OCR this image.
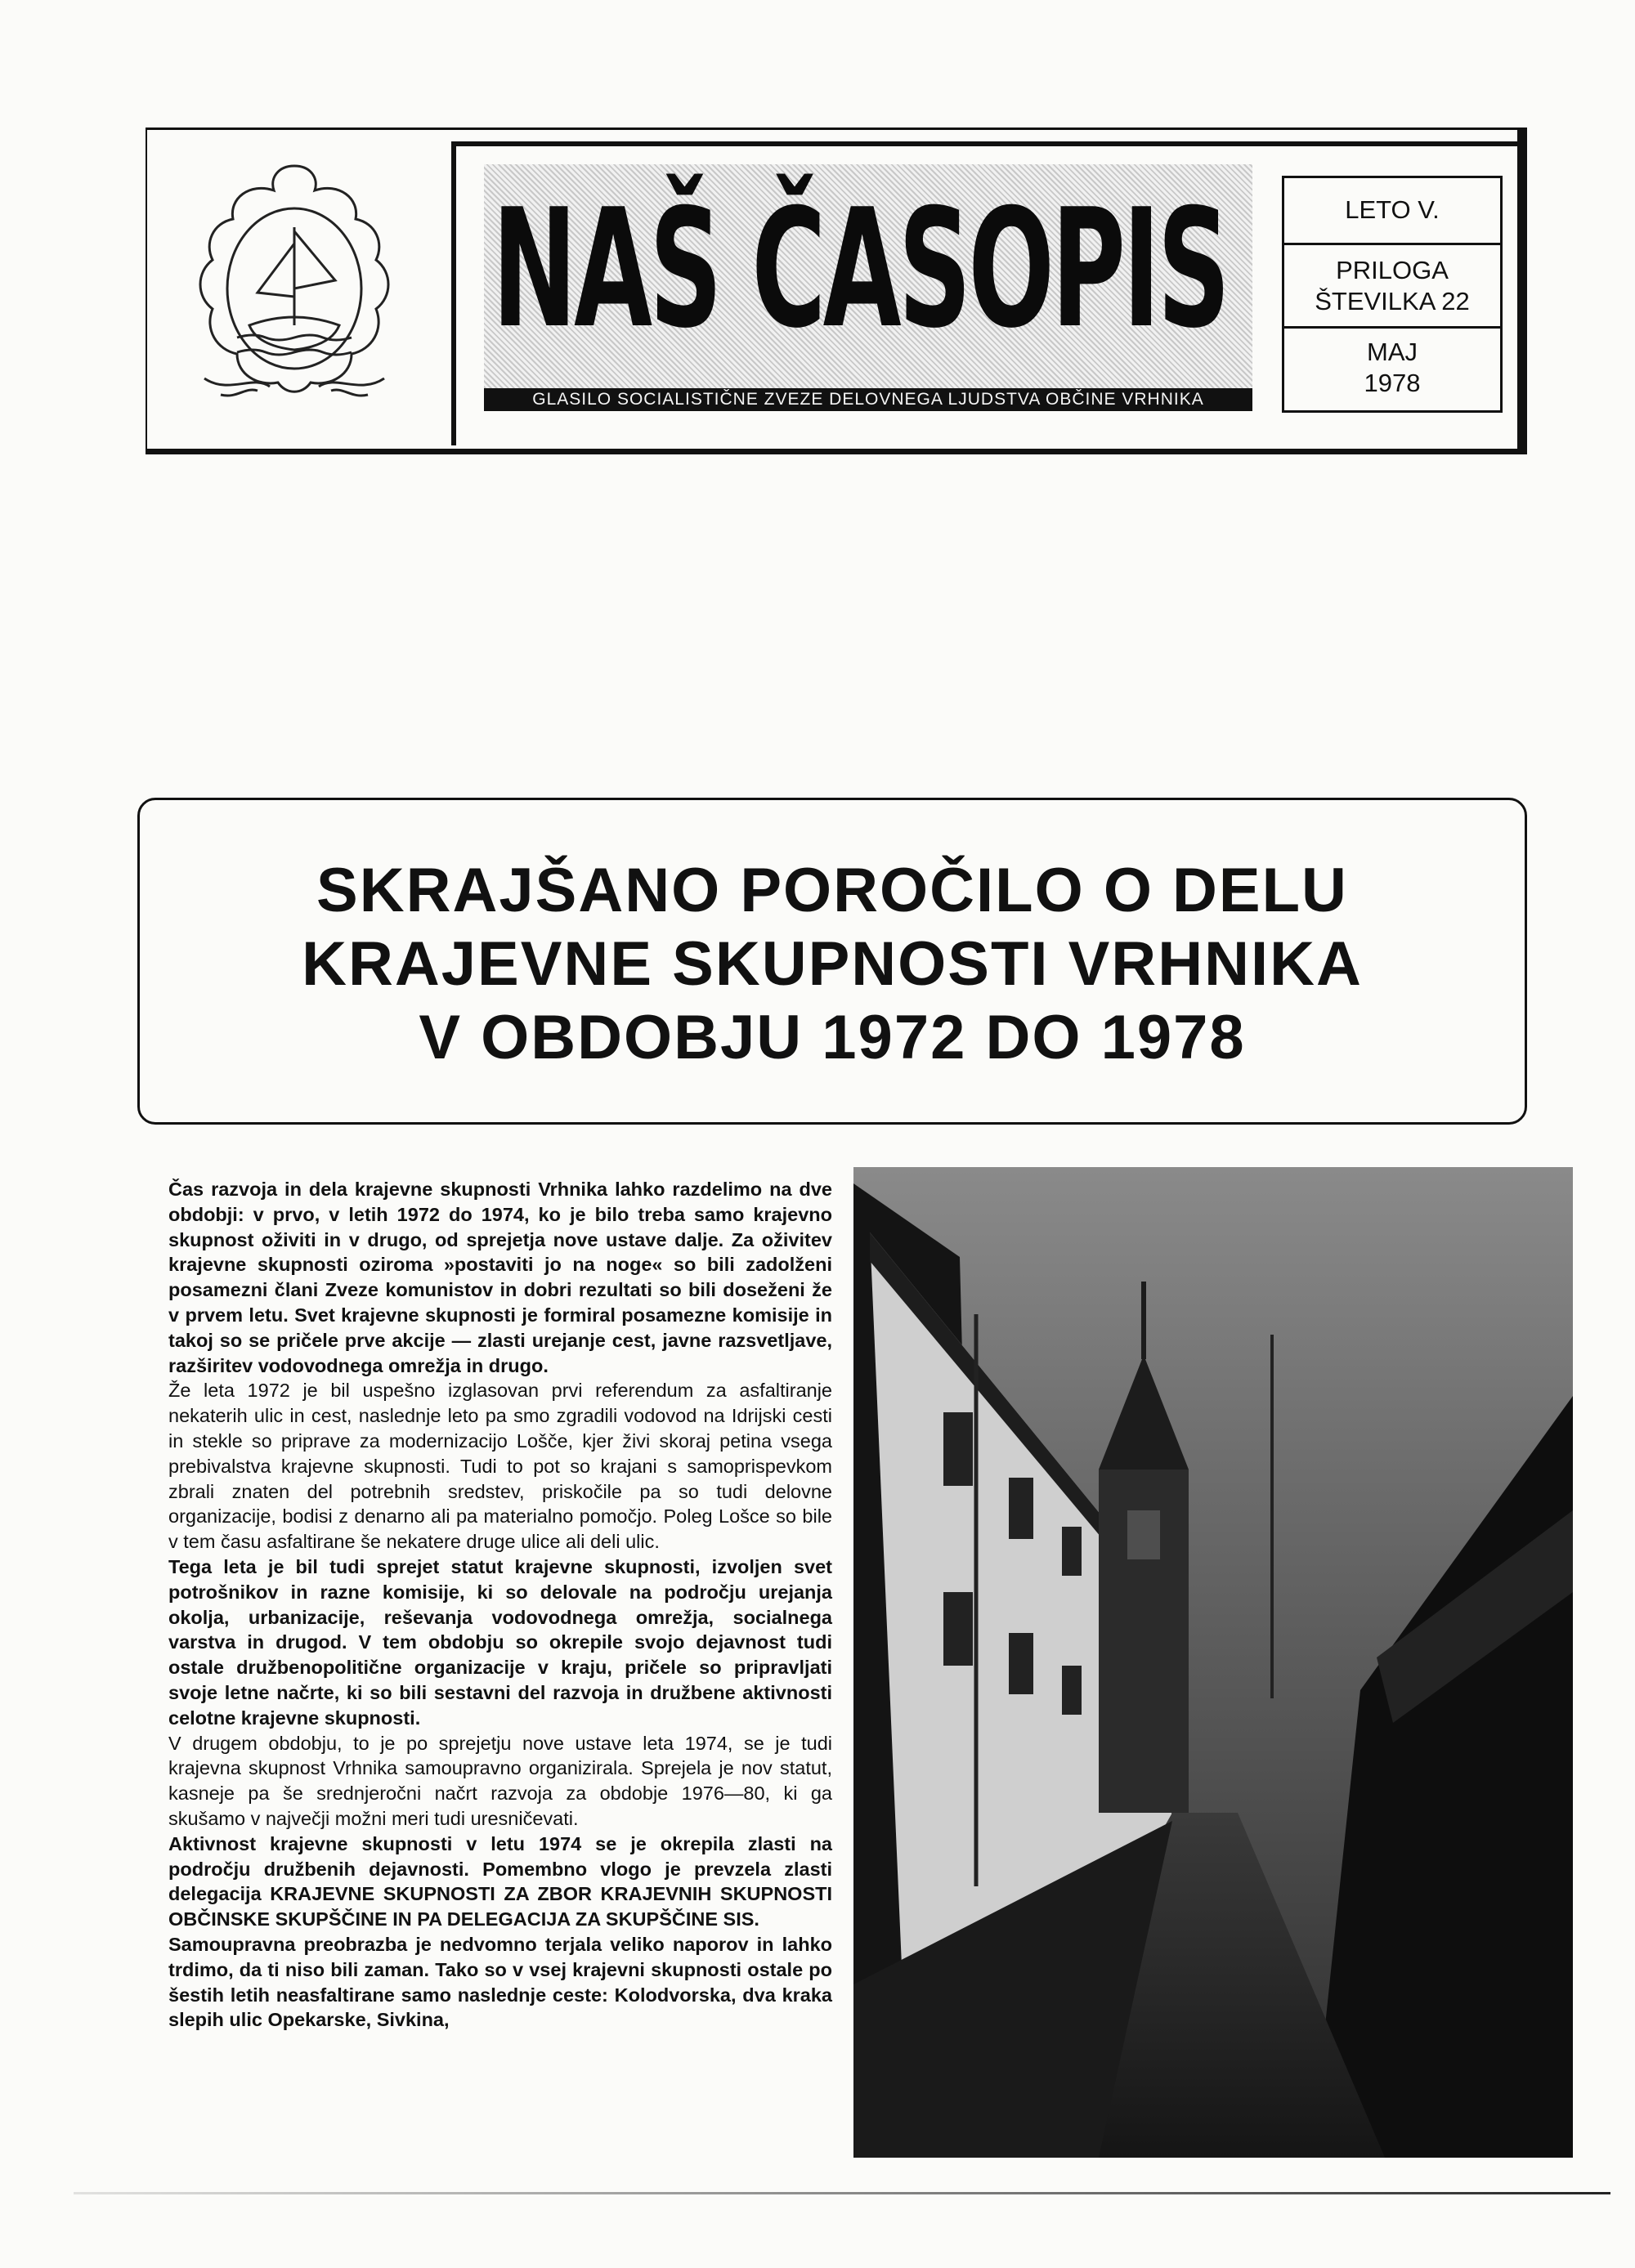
NAŠ ČASOPIS
GLASILO SOCIALISTIČNE ZVEZE DELOVNEGA LJUDSTVA OBČINE VRHNIKA
LETO V.
PRILOGA
ŠTEVILKA 22
MAJ
1978
SKRAJŠANO POROČILO O DELU
KRAJEVNE SKUPNOSTI VRHNIKA
V OBDOBJU 1972 DO 1978

Čas razvoja in dela krajevne skupnosti Vrhnika lahko razdelimo na dve obdobji: v prvo, v letih 1972 do 1974, ko je bilo treba samo krajevno skupnost oživiti in v drugo, od sprejetja nove ustave dalje. Za oživitev krajevne skupnosti oziroma »postaviti jo na noge« so bili zadolženi posamezni člani Zveze komunistov in dobri rezultati so bili doseženi že v prvem letu. Svet krajevne skupnosti je formiral posamezne komisije in takoj so se pričele prve akcije — zlasti urejanje cest, javne razsvetljave, razširitev vodovodnega omrežja in drugo.

Že leta 1972 je bil uspešno izglasovan prvi referendum za asfaltiranje nekaterih ulic in cest, naslednje leto pa smo zgradili vodovod na Idrijski cesti in stekle so priprave za modernizacijo Lošče, kjer živi skoraj petina vsega prebivalstva krajevne skupnosti. Tudi to pot so krajani s samoprispevkom zbrali znaten del potrebnih sredstev, priskočile pa so tudi delovne organizacije, bodisi z denarno ali pa materialno pomočjo. Poleg Lošce so bile v tem času asfaltirane še nekatere druge ulice ali deli ulic.

Tega leta je bil tudi sprejet statut krajevne skupnosti, izvoljen svet potrošnikov in razne komisije, ki so delovale na področju urejanja okolja, urbanizacije, reševanja vodovodnega omrežja, socialnega varstva in drugod. V tem obdobju so okrepile svojo dejavnost tudi ostale družbenopolitične organizacije v kraju, pričele so pripravljati svoje letne načrte, ki so bili sestavni del razvoja in družbene aktivnosti celotne krajevne skupnosti.

V drugem obdobju, to je po sprejetju nove ustave leta 1974, se je tudi krajevna skupnost Vrhnika samoupravno organizirala. Sprejela je nov statut, kasneje pa še srednjeročni načrt razvoja za obdobje 1976—80, ki ga skušamo v največji možni meri tudi uresničevati.

Aktivnost krajevne skupnosti v letu 1974 se je okrepila zlasti na področju družbenih dejavnosti. Pomembno vlogo je prevzela zlasti delegacija KRAJEVNE SKUPNOSTI ZA ZBOR KRAJEVNIH SKUPNOSTI OBČINSKE SKUPŠČINE IN PA DELEGACIJA ZA SKUPŠČINE SIS.

Samoupravna preobrazba je nedvomno terjala veliko naporov in lahko trdimo, da ti niso bili zaman. Tako so v vsej krajevni skupnosti ostale po šestih letih neasfaltirane samo naslednje ceste: Kolodvorska, dva kraka slepih ulic Opekarske, Sivkina,
